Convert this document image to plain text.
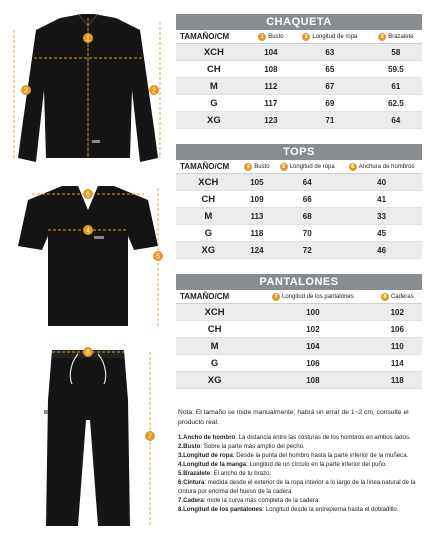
1
2
3
6
4
5
8
7
CHAQUETA
TAMAÑO/CM	1 Busto	2 Longitud de ropa	3 Brazalete
XCH	104	63	58
CH	108	65	59.5
M	112	67	61
G	117	69	62.5
XG	123	71	64
TOPS
TAMAÑO/CM	4 Busto	5 Longitud de ropa	6 Anchura de hombros
XCH	105	64	40
CH	109	66	41
M	113	68	33
G	118	70	45
XG	124	72	46
PANTALONES
TAMAÑO/CM	7 Longitud de los pantalones	8 Caderas
XCH	100	102
CH	102	106
M	104	110
G	106	114
XG	108	118
Nota: El tamaño se mide manualmente, habrá un errar de 1~2 cm, consulte el producto real.
1.Ancho de hombro: La distancia entre las costuras de los hombros en ambos lados.
2.Busto: Sobre la parte más amplio del pecho.
3.Longitud de ropa: Desde la punta del hombro hasta la parte inferior de la muñeca.
4.Longitud de la manga: Longitud de un círculo en la parte inferior del puño.
5.Brazalete: El ancho de tu brazo.
6.Cintura: medida desde el exterior de la ropa interior a lo largo de la línea natural de la cintura por encima del hueso de la cadera
7.Cadera: mide la curva más completa de la cadera.
8.Longitud de los pantalones: Longitud desde la entrepierna hasta el dobladillo.
